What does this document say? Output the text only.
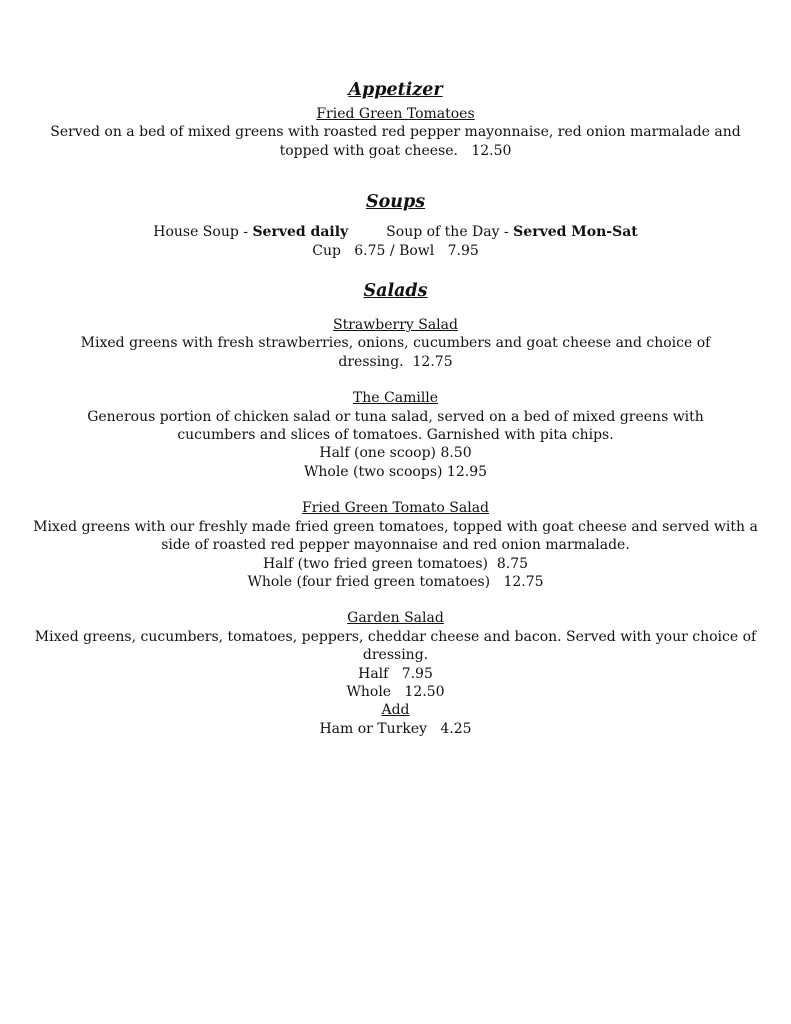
Appetizer
Fried Green Tomatoes
Served on a bed of mixed greens with roasted red pepper mayonnaise, red onion marmalade and topped with goat cheese. 12.50
Soups
House Soup - Served daily	Soup of the Day - Served Mon-Sat
Cup   6.75 / Bowl   7.95
Salads
Strawberry Salad
Mixed greens with fresh strawberries, onions, cucumbers and goat cheese and choice of dressing. 12.75
The Camille
Generous portion of chicken salad or tuna salad, served on a bed of mixed greens with cucumbers and slices of tomatoes. Garnished with pita chips.
Half (one scoop) 8.50
Whole (two scoops) 12.95
Fried Green Tomato Salad
Mixed greens with our freshly made fried green tomatoes, topped with goat cheese and served with a side of roasted red pepper mayonnaise and red onion marmalade.
Half (two fried green tomatoes)  8.75
Whole (four fried green tomatoes)   12.75
Garden Salad
Mixed greens, cucumbers, tomatoes, peppers, cheddar cheese and bacon. Served with your choice of dressing.
Half   7.95
Whole   12.50
Add
Ham or Turkey   4.25
